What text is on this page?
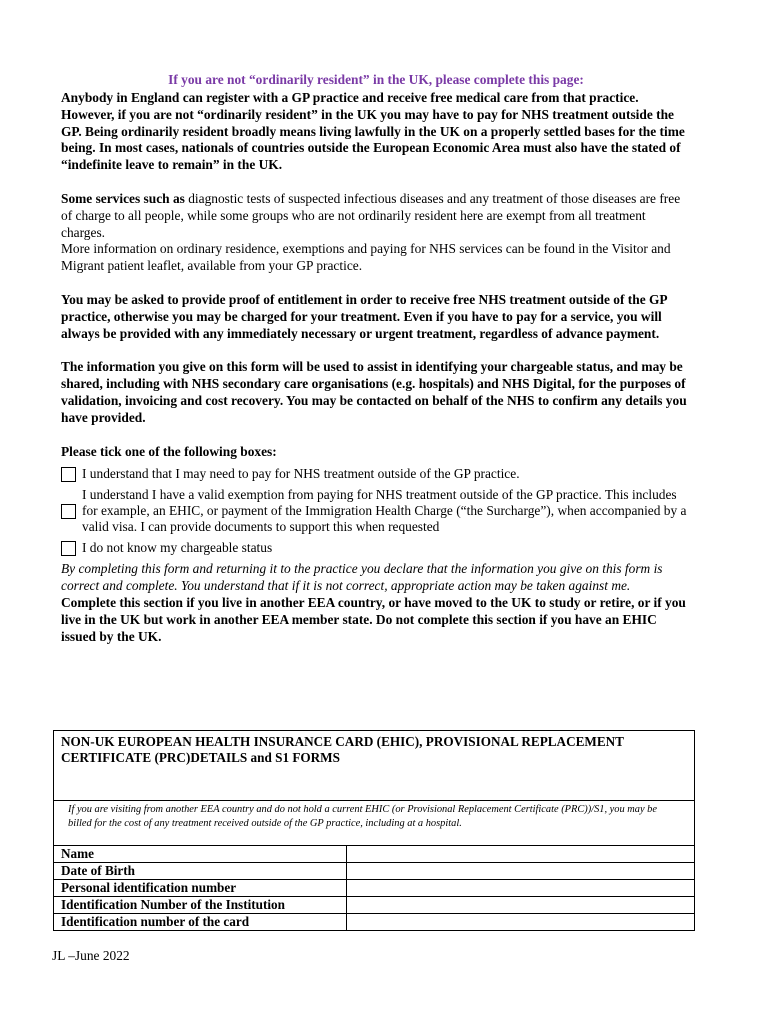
If you are not “ordinarily resident” in the UK, please complete this page:

Anybody in England can register with a GP practice and receive free medical care from that practice. However, if you are not “ordinarily resident” in the UK you may have to pay for NHS treatment outside the GP. Being ordinarily resident broadly means living lawfully in the UK on a properly settled bases for the time being. In most cases, nationals of countries outside the European Economic Area must also have the stated of “indefinite leave to remain” in the UK.

Some services such as diagnostic tests of suspected infectious diseases and any treatment of those diseases are free of charge to all people, while some groups who are not ordinarily resident here are exempt from all treatment charges.

More information on ordinary residence, exemptions and paying for NHS services can be found in the Visitor and Migrant patient leaflet, available from your GP practice.

You may be asked to provide proof of entitlement in order to receive free NHS treatment outside of the GP practice, otherwise you may be charged for your treatment. Even if you have to pay for a service, you will always be provided with any immediately necessary or urgent treatment, regardless of advance payment.

The information you give on this form will be used to assist in identifying your chargeable status, and may be shared, including with NHS secondary care organisations (e.g. hospitals) and NHS Digital, for the purposes of validation, invoicing and cost recovery. You may be contacted on behalf of the NHS to confirm any details you have provided.

Please tick one of the following boxes:

I understand that I may need to pay for NHS treatment outside of the GP practice.
I understand I have a valid exemption from paying for NHS treatment outside of the GP practice. This includes for example, an EHIC, or payment of the Immigration Health Charge (“the Surcharge”), when accompanied by a valid visa. I can provide documents to support this when requested
I do not know my chargeable status

By completing this form and returning it to the practice you declare that the information you give on this form is correct and complete. You understand that if it is not correct, appropriate action may be taken against me.

Complete this section if you live in another EEA country, or have moved to the UK to study or retire, or if you live in the UK but work in another EEA member state. Do not complete this section if you have an EHIC issued by the UK.

NON-UK EUROPEAN HEALTH INSURANCE CARD (EHIC), PROVISIONAL REPLACEMENT CERTIFICATE (PRC)DETAILS and S1 FORMS	
If you are visiting from another EEA country and do not hold a current EHIC (or Provisional Replacement Certificate (PRC))/S1, you may be billed for the cost of any treatment received outside of the GP practice, including at a hospital.	
Name	
Date of Birth	
Personal identification number	
Identification Number of the Institution	
Identification number of the card	
JL –June 2022
